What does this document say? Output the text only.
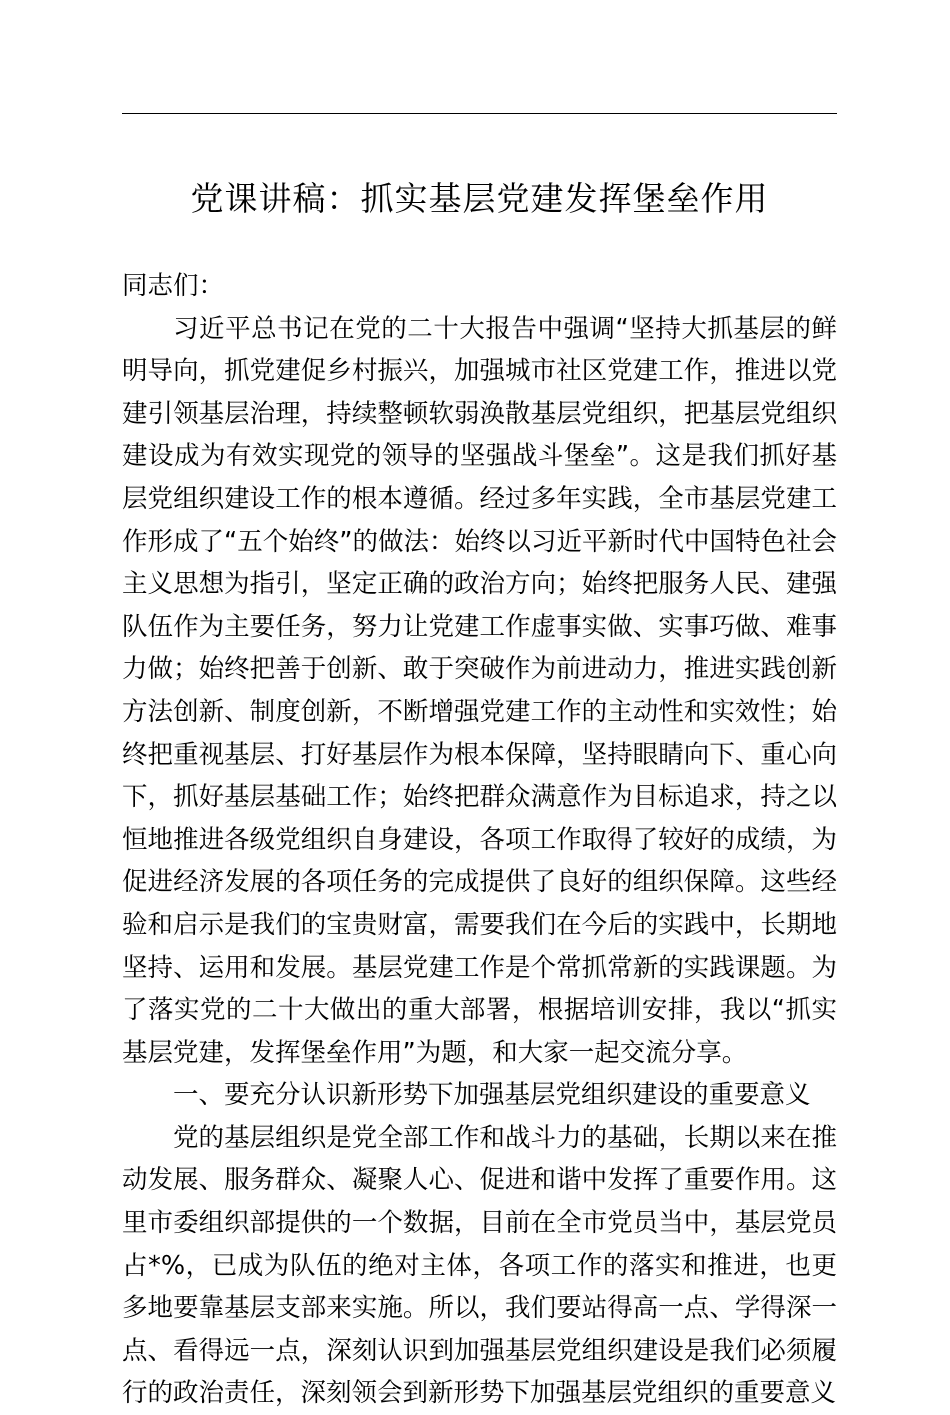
党课讲稿：抓实基层党建发挥堡垒作用

同志们：

习近平总书记在党的二十大报告中强调“坚持大抓基层的鲜明导向，抓党建促乡村振兴，加强城市社区党建工作，推进以党建引领基层治理，持续整顿软弱涣散基层党组织，把基层党组织建设成为有效实现党的领导的坚强战斗堡垒”。这是我们抓好基层党组织建设工作的根本遵循。经过多年实践，全市基层党建工作形成了“五个始终”的做法：始终以习近平新时代中国特色社会主义思想为指引，坚定正确的政治方向；始终把服务人民、建强队伍作为主要任务，努力让党建工作虚事实做、实事巧做、难事力做；始终把善于创新、敢于突破作为前进动力，推进实践创新方法创新、制度创新，不断增强党建工作的主动性和实效性；始终把重视基层、打好基层作为根本保障，坚持眼睛向下、重心向下，抓好基层基础工作；始终把群众满意作为目标追求，持之以恒地推进各级党组织自身建设，各项工作取得了较好的成绩，为促进经济发展的各项任务的完成提供了良好的组织保障。这些经验和启示是我们的宝贵财富，需要我们在今后的实践中，长期地坚持、运用和发展。基层党建工作是个常抓常新的实践课题。为了落实党的二十大做出的重大部署，根据培训安排，我以“抓实基层党建，发挥堡垒作用”为题，和大家一起交流分享。

一、要充分认识新形势下加强基层党组织建设的重要意义

党的基层组织是党全部工作和战斗力的基础，长期以来在推动发展、服务群众、凝聚人心、促进和谐中发挥了重要作用。这里市委组织部提供的一个数据，目前在全市党员当中，基层党员占*%，已成为队伍的绝对主体，各项工作的落实和推进，也更多地要靠基层支部来实施。所以，我们要站得高一点、学得深一点、看得远一点，深刻认识到加强基层党组织建设是我们必须履行的政治责任，深刻领会到新形势下加强基层党组织的重要意义
